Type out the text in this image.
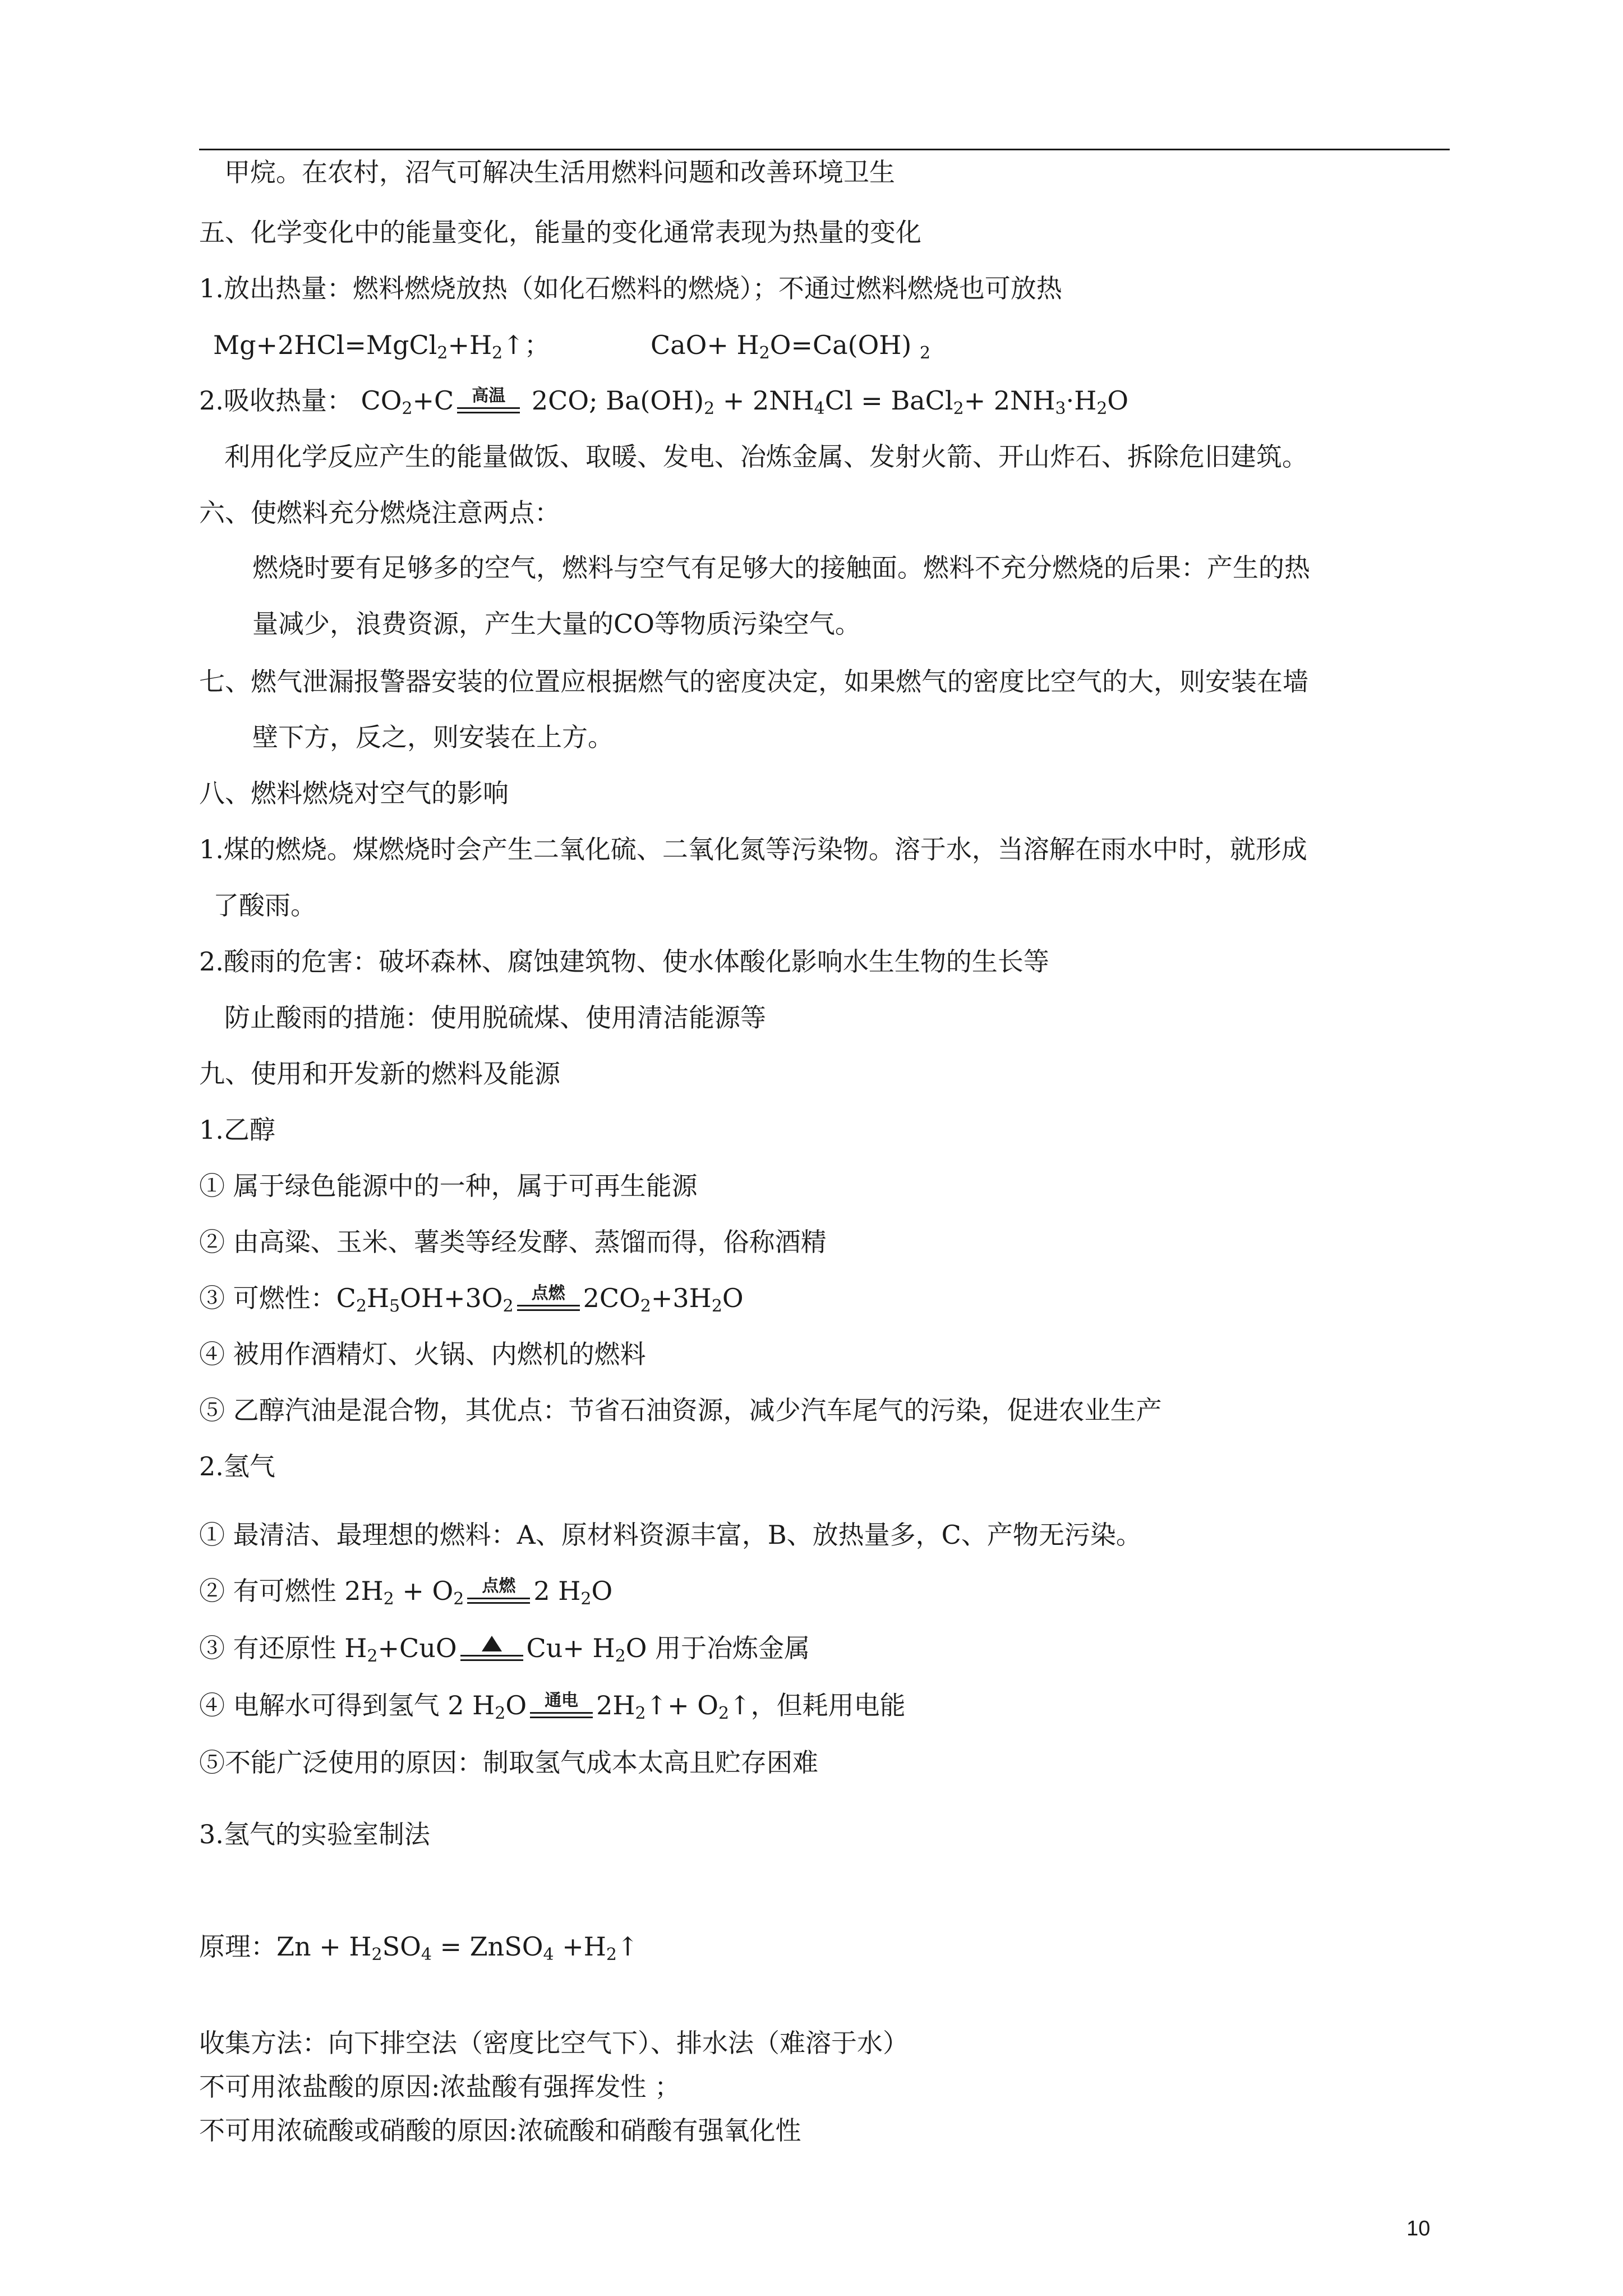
甲烷。在农村，沼气可解决生活用燃料问题和改善环境卫生
五、化学变化中的能量变化，能量的变化通常表现为热量的变化
1.放出热量：燃料燃烧放热（如化石燃料的燃烧）；不通过燃料燃烧也可放热
$Mg+2HCl=MgCl_2+H_2↑$；	$CaO+ H_2O=Ca(OH)$ $_2$
2.吸收热量： $CO_2+C$	高温 2CO; $Ba(OH)_2 + 2NH_4Cl$ = BaCl$_2$+ $2NH_3\cdot H_2O$
利用化学反应产生的能量做饭、取暖、发电、冶炼金属、发射火箭、开山炸石、拆除危旧建筑。
六、使燃料充分燃烧注意两点：
燃烧时要有足够多的空气，燃料与空气有足够大的接触面。燃料不充分燃烧的后果：产生的热
量减少，浪费资源，产生大量的CO等物质污染空气。
七、燃气泄漏报警器安装的位置应根据燃气的密度决定，如果燃气的密度比空气的大，则安装在墙
壁下方，反之，则安装在上方。
八、燃料燃烧对空气的影响
1.煤的燃烧。煤燃烧时会产生二氧化硫、二氧化氮等污染物。溶于水，当溶解在雨水中时，就形成
了酸雨。
2.酸雨的危害：破坏森林、腐蚀建筑物、使水体酸化影响水生生物的生长等
防止酸雨的措施：使用脱硫煤、使用清洁能源等
九、使用和开发新的燃料及能源
1.乙醇
① 属于绿色能源中的一种，属于可再生能源
② 由高粱、玉米、薯类等经发酵、蒸馏而得，俗称酒精
③ 可燃性：$C_2H_5OH+3O_2$
点燃 $2CO_2+3H_2O$
④ 被用作酒精灯、火锅、内燃机的燃料
⑤ 乙醇汽油是混合物，其优点：节省石油资源，减少汽车尾气的污染，促进农业生产
2.氢气
① 最清洁、最理想的燃料：A、原材料资源丰富，B、放热量多，C、产物无污染。
② 有可燃性 $2H_2 + O_2$
点燃 2 $H_2O$
③ 有还原性 $H_2+CuO$	$Cu+ H_2O$ 用于冶炼金属
④ 电解水可得到氢气 2 $H_2O$	通电 $2H_2↑+$ $O_2↑$，但耗用电能
⑤不能广泛使用的原因：制取氢气成本太高且贮存困难
3.氢气的实验室制法
原理：$Zn + H_2SO_4$ = ZnSO$_4$ $+H_2↑$
收集方法：向下排空法（密度比空气下）、排水法（难溶于水）
不可用浓盐酸的原因:浓盐酸有强挥发性 ；
不可用浓硫酸或硝酸的原因:浓硫酸和硝酸有强氧化性
10
